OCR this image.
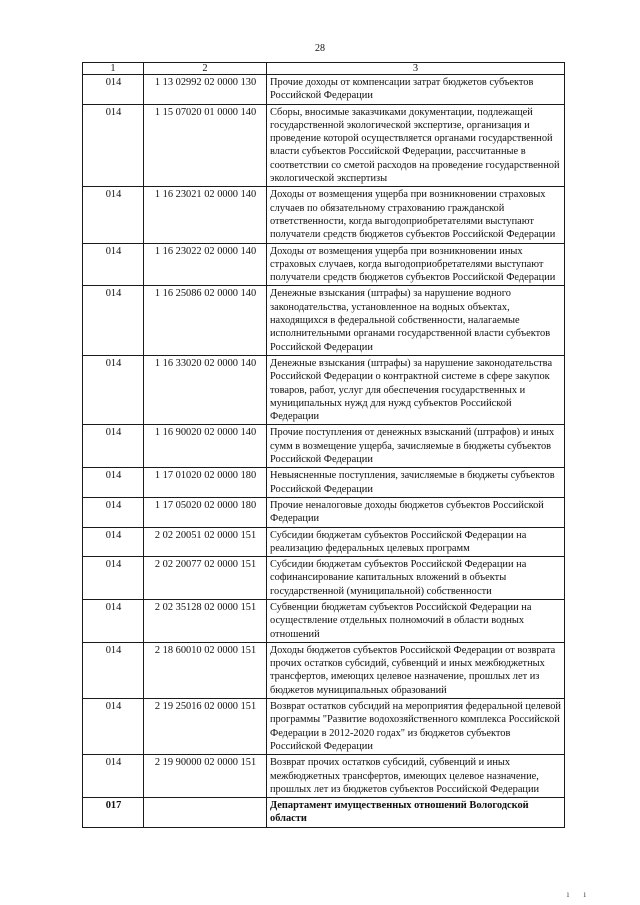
28
1	2	3
014	1 13 02992 02 0000 130	Прочие доходы от компенсации затрат бюджетов субъектов Российской Федерации
014	1 15 07020 01 0000 140	Сборы, вносимые заказчиками документации, подлежащей государственной экологической экспертизе, организация и проведение которой осуществляется органами государственной власти субъектов Российской Федерации, рассчитанные в соответствии со сметой расходов на проведение государственной экологической экспертизы
014	1 16 23021 02 0000 140	Доходы от возмещения ущерба при возникновении страховых случаев по обязательному страхованию гражданской ответственности, когда выгодоприобретателями выступают получатели средств бюджетов субъектов Российской Федерации
014	1 16 23022 02 0000 140	Доходы от возмещения ущерба при возникновении иных страховых случаев, когда выгодоприобретателями выступают получатели средств бюджетов субъектов Российской Федерации
014	1 16 25086 02 0000 140	Денежные взыскания (штрафы) за нарушение водного законодательства, установленное на водных объектах, находящихся в федеральной собственности, налагаемые исполнительными органами государственной власти субъектов Российской Федерации
014	1 16 33020 02 0000 140	Денежные взыскания (штрафы) за нарушение законодательства Российской Федерации о контрактной системе в сфере закупок товаров, работ, услуг для обеспечения государственных и муниципальных нужд для нужд субъектов Российской Федерации
014	1 16 90020 02 0000 140	Прочие поступления от денежных взысканий (штрафов) и иных сумм в возмещение ущерба, зачисляемые в бюджеты субъектов Российской Федерации
014	1 17 01020 02 0000 180	Невыясненные поступления, зачисляемые в бюджеты субъектов Российской Федерации
014	1 17 05020 02 0000 180	Прочие неналоговые доходы бюджетов субъектов Российской Федерации
014	2 02 20051 02 0000 151	Субсидии бюджетам субъектов Российской Федерации на реализацию федеральных целевых программ
014	2 02 20077 02 0000 151	Субсидии бюджетам субъектов Российской Федерации на софинансирование капитальных вложений в объекты государственной (муниципальной) собственности
014	2 02 35128 02 0000 151	Субвенции бюджетам субъектов Российской Федерации на осуществление отдельных полномочий в области водных отношений
014	2 18 60010 02 0000 151	Доходы бюджетов субъектов Российской Федерации от возврата прочих остатков субсидий, субвенций и иных межбюджетных трансфертов, имеющих целевое назначение, прошлых лет из бюджетов муниципальных образований
014	2 19 25016 02 0000 151	Возврат остатков субсидий на мероприятия федеральной целевой программы "Развитие водохозяйственного комплекса Российской Федерации в 2012-2020 годах" из бюджетов субъектов Российской Федерации
014	2 19 90000 02 0000 151	Возврат прочих остатков субсидий, субвенций и иных межбюджетных трансфертов, имеющих целевое назначение, прошлых лет из бюджетов субъектов Российской Федерации
017		Департамент имущественных отношений Вологодской области
ı ı
